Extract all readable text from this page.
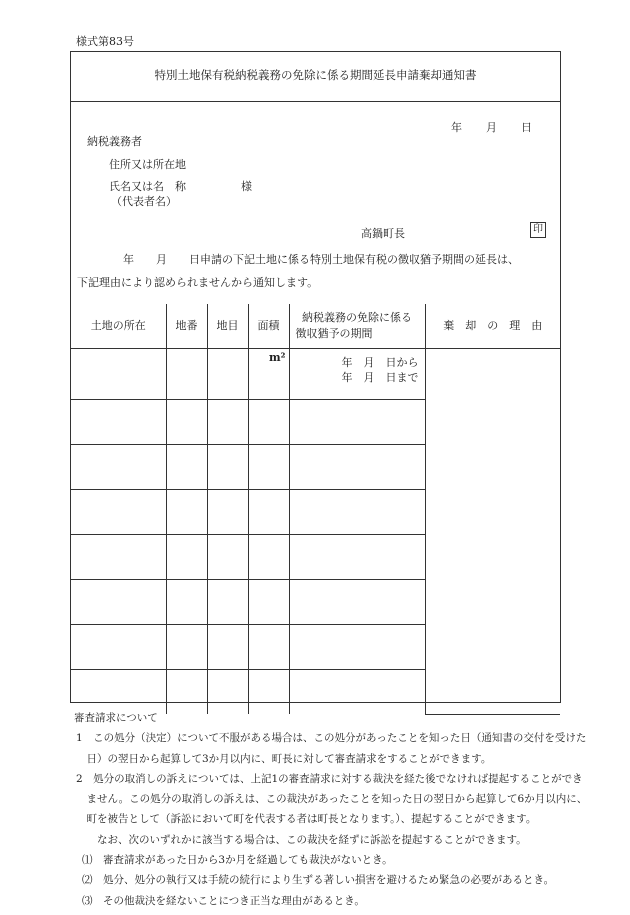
様式第83号
特別土地保有税納税義務の免除に係る期間延長申請棄却通知書
年 月 日
納税義務者
住所又は所在地
氏名又は名　称	様
（代表者名）
高鍋町長	印
年　　月　　日申請の下記土地に係る特別土地保有税の徴収猶予期間の延長は、
下記理由により認められませんから通知します。
土地の所在	地番	地目	面積	納税義務の免除に係る
徴収猶予の期間	棄　却　の　理　由
			m²	年　月　日から
年　月　日まで	

審査請求について
1　この処分（決定）について不服がある場合は、この処分があったことを知った日（通知書の交付を受けた
　日）の翌日から起算して3か月以内に、町長に対して審査請求をすることができます。
2　処分の取消しの訴えについては、上記1の審査請求に対する裁決を経た後でなければ提起することができ
　ません。この処分の取消しの訴えは、この裁決があったことを知った日の翌日から起算して6か月以内に、
　町を被告として（訴訟において町を代表する者は町長となります。）、提起することができます。
　　なお、次のいずれかに該当する場合は、この裁決を経ずに訴訟を提起することができます。
⑴　審査請求があった日から3か月を経過しても裁決がないとき。
⑵　処分、処分の執行又は手続の続行により生ずる著しい損害を避けるため緊急の必要があるとき。
⑶　その他裁決を経ないことにつき正当な理由があるとき。
